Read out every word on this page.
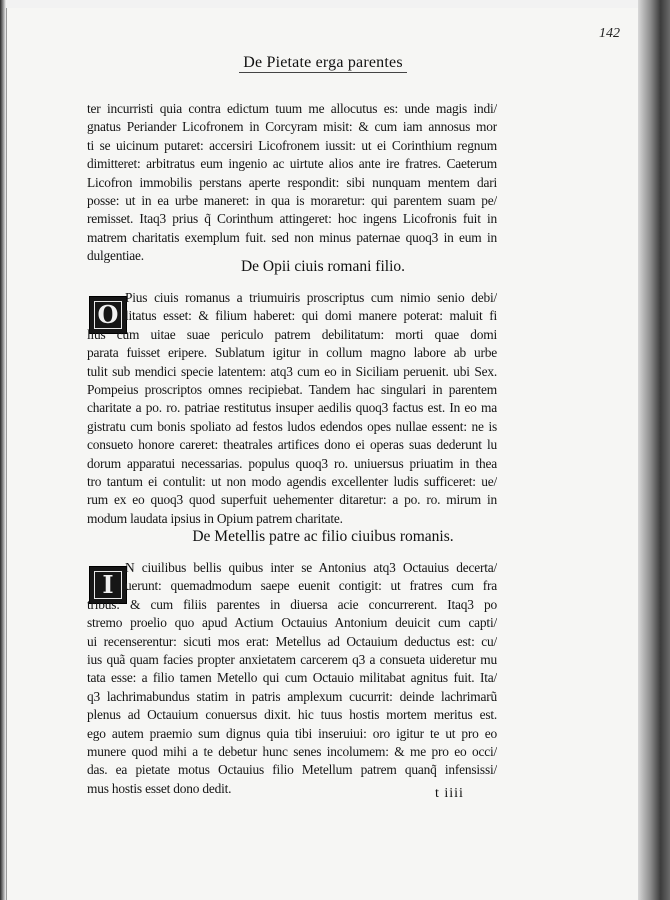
142
De Pietate erga parentes
ter incurristi quia contra edictum tuum me allocutus es: unde magis indi/
gnatus Periander Licofronem in Corcyram misit: & cum iam annosus mor
ti se uicinum putaret: accersiri Licofronem iussit: ut ei Corinthium regnum
dimitteret: arbitratus eum ingenio ac uirtute alios ante ire fratres. Caeterum
Licofron immobilis perstans aperte respondit: sibi nunquam mentem dari
posse: ut in ea urbe maneret: in qua is moraretur: qui parentem suam pe/
remisset. Itaq3 prius q̃ Corinthum attingeret: hoc ingens Licofronis fuit in
matrem charitatis exemplum fuit. sed non minus paternae quoq3 in eum in
dulgentiae.
De Opii ciuis romani filio.
O
Pius ciuis romanus a triumuiris proscriptus cum nimio senio debi/
litatus esset: & filium haberet: qui domi manere poterat: maluit fi
lius cum uitae suae periculo patrem debilitatum: morti quae domi
parata fuisset eripere. Sublatum igitur in collum magno labore ab urbe
tulit sub mendici specie latentem: atq3 cum eo in Siciliam peruenit. ubi Sex.
Pompeius proscriptos omnes recipiebat. Tandem hac singulari in parentem
charitate a po. ro. patriae restitutus insuper aedilis quoq3 factus est. In eo ma
gistratu cum bonis spoliato ad festos ludos edendos opes nullae essent: ne is
consueto honore careret: theatrales artifices dono ei operas suas dederunt lu
dorum apparatui necessarias. populus quoq3 ro. uniuersus priuatim in thea
tro tantum ei contulit: ut non modo agendis excellenter ludis sufficeret: ue/
rum ex eo quoq3 quod superfuit uehementer ditaretur: a po. ro. mirum in
modum laudata ipsius in Opium patrem charitate.
De Metellis patre ac filio ciuibus romanis.
I
N ciuilibus bellis quibus inter se Antonius atq3 Octauius decerta/
uerunt: quemadmodum saepe euenit contigit: ut fratres cum fra
tribus: & cum filiis parentes in diuersa acie concurrerent. Itaq3 po
stremo proelio quo apud Actium Octauius Antonium deuicit cum capti/
ui recenserentur: sicuti mos erat: Metellus ad Octauium deductus est: cu/
ius quã quam facies propter anxietatem carcerem q3 a consueta uideretur mu
tata esse: a filio tamen Metello qui cum Octauio militabat agnitus fuit. Ita/
q3 lachrimabundus statim in patris amplexum cucurrit: deinde lachrimarũ
plenus ad Octauium conuersus dixit. hic tuus hostis mortem meritus est.
ego autem praemio sum dignus quia tibi inseruiui: oro igitur te ut pro eo
munere quod mihi a te debetur hunc senes incolumem: & me pro eo occi/
das. ea pietate motus Octauius filio Metellum patrem quanq̃ infensissi/
mus hostis esset dono dedit.	t iiii
